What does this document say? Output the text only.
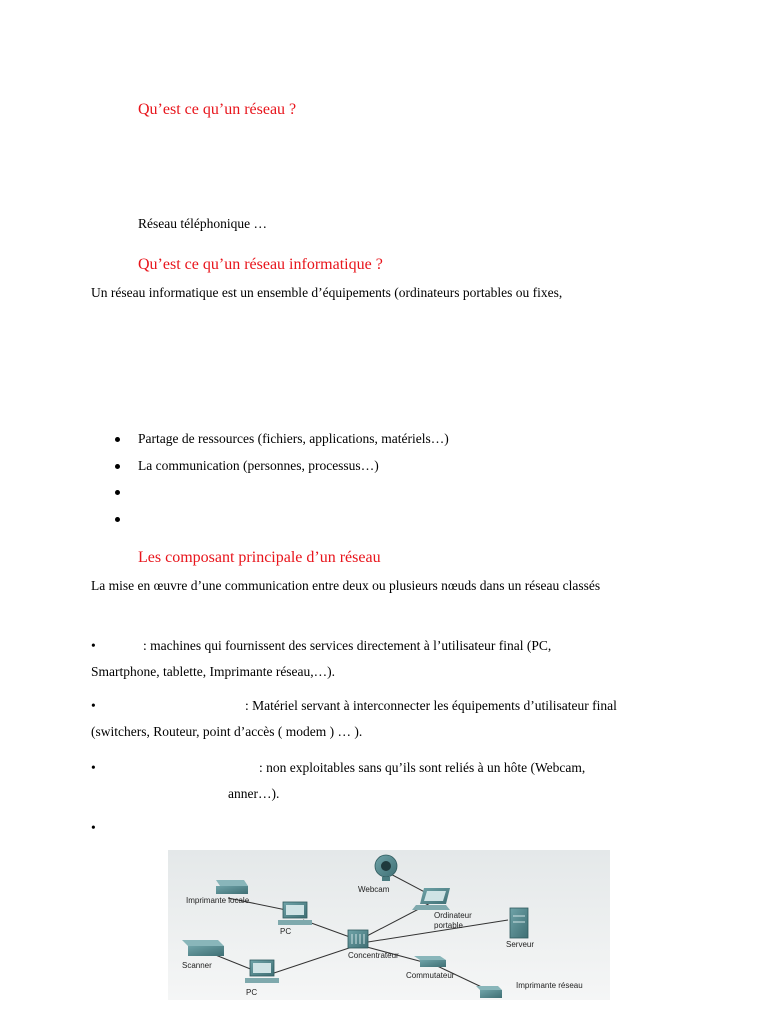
Qu’est ce qu’un réseau ?
Réseau téléphonique …
Qu’est ce qu’un réseau informatique ?
Un réseau informatique est un ensemble d’équipements (ordinateurs portables ou fixes,
Partage de ressources (fichiers, applications, matériels…)
La communication (personnes, processus…)
Les composant principale d’un réseau
La mise en œuvre d’une communication entre deux ou plusieurs nœuds dans un réseau classés
•	: machines qui fournissent des services directement à l’utilisateur final (PC,
Smartphone, tablette, Imprimante réseau,…).
•	: Matériel servant à interconnecter les équipements d’utilisateur final
(switchers, Routeur, point d’accès ( modem ) … ).
•	: non exploitables sans qu’ils sont reliés à un hôte (Webcam,
anner…).
•
Imprimante locale
PC
Webcam
Ordinateur
portable
Serveur
Scanner
Concentrateur
PC
Commutateur
Imprimante réseau
